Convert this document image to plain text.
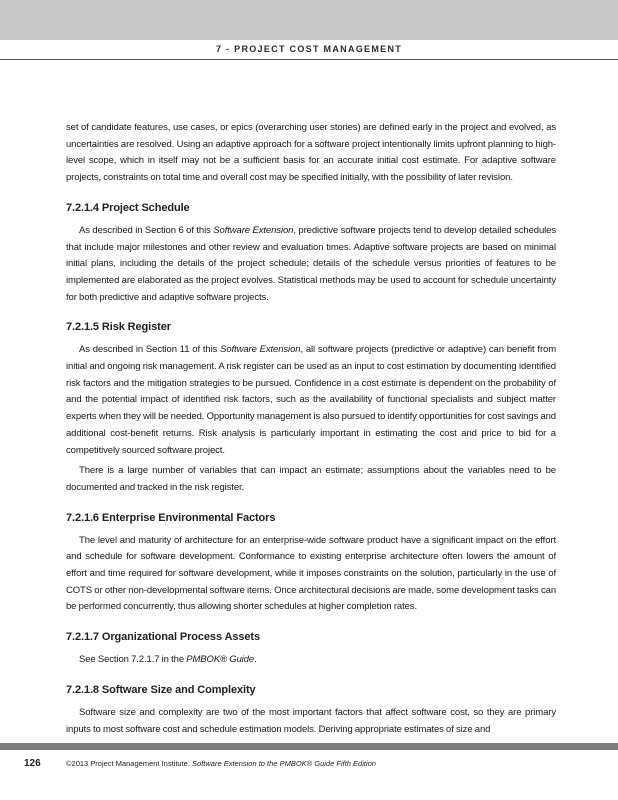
7 - PROJECT COST MANAGEMENT

set of candidate features, use cases, or epics (overarching user stories) are defined early in the project and evolved, as uncertainties are resolved. Using an adaptive approach for a software project intentionally limits upfront planning to high-level scope, which in itself may not be a sufficient basis for an accurate initial cost estimate. For adaptive software projects, constraints on total time and overall cost may be specified initially, with the possibility of later revision.

7.2.1.4 Project Schedule

As described in Section 6 of this Software Extension, predictive software projects tend to develop detailed schedules that include major milestones and other review and evaluation times. Adaptive software projects are based on minimal initial plans, including the details of the project schedule; details of the schedule versus priorities of features to be implemented are elaborated as the project evolves. Statistical methods may be used to account for schedule uncertainty for both predictive and adaptive software projects.

7.2.1.5 Risk Register

As described in Section 11 of this Software Extension, all software projects (predictive or adaptive) can benefit from initial and ongoing risk management. A risk register can be used as an input to cost estimation by documenting identified risk factors and the mitigation strategies to be pursued. Confidence in a cost estimate is dependent on the probability of and the potential impact of identified risk factors, such as the availability of functional specialists and subject matter experts when they will be needed. Opportunity management is also pursued to identify opportunities for cost savings and additional cost-benefit returns. Risk analysis is particularly important in estimating the cost and price to bid for a competitively sourced software project.

There is a large number of variables that can impact an estimate; assumptions about the variables need to be documented and tracked in the risk register.

7.2.1.6 Enterprise Environmental Factors

The level and maturity of architecture for an enterprise-wide software product have a significant impact on the effort and schedule for software development. Conformance to existing enterprise architecture often lowers the amount of effort and time required for software development, while it imposes constraints on the solution, particularly in the use of COTS or other non-developmental software items. Once architectural decisions are made, some development tasks can be performed concurrently, thus allowing shorter schedules at higher completion rates.

7.2.1.7 Organizational Process Assets

See Section 7.2.1.7 in the PMBOK® Guide.

7.2.1.8 Software Size and Complexity

Software size and complexity are two of the most important factors that affect software cost, so they are primary inputs to most software cost and schedule estimation models. Deriving appropriate estimates of size and

126	©2013 Project Management Institute. Software Extension to the PMBOK® Guide Fifth Edition
